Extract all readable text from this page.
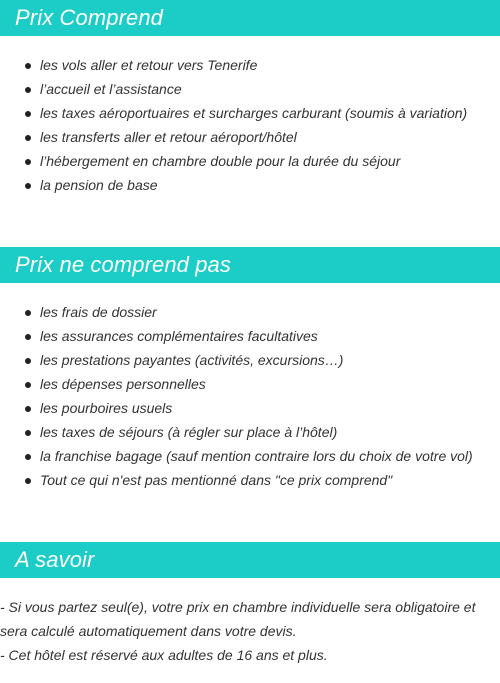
Prix Comprend
les vols aller et retour vers Tenerife
l’accueil et l’assistance
les taxes aéroportuaires et surcharges carburant (soumis à variation)
les transferts aller et retour aéroport/hôtel
l’hébergement en chambre double pour la durée du séjour
la pension de base
Prix ne comprend pas
les frais de dossier
les assurances complémentaires facultatives
les prestations payantes (activités, excursions…)
les dépenses personnelles
les pourboires usuels
les taxes de séjours (à régler sur place à l’hôtel)
la franchise bagage (sauf mention contraire lors du choix de votre vol)
Tout ce qui n'est pas mentionné dans "ce prix comprend"
A savoir

- Si vous partez seul(e), votre prix en chambre individuelle sera obligatoire et

sera calculé automatiquement dans votre devis.

- Cet hôtel est réservé aux adultes de 16 ans et plus.
